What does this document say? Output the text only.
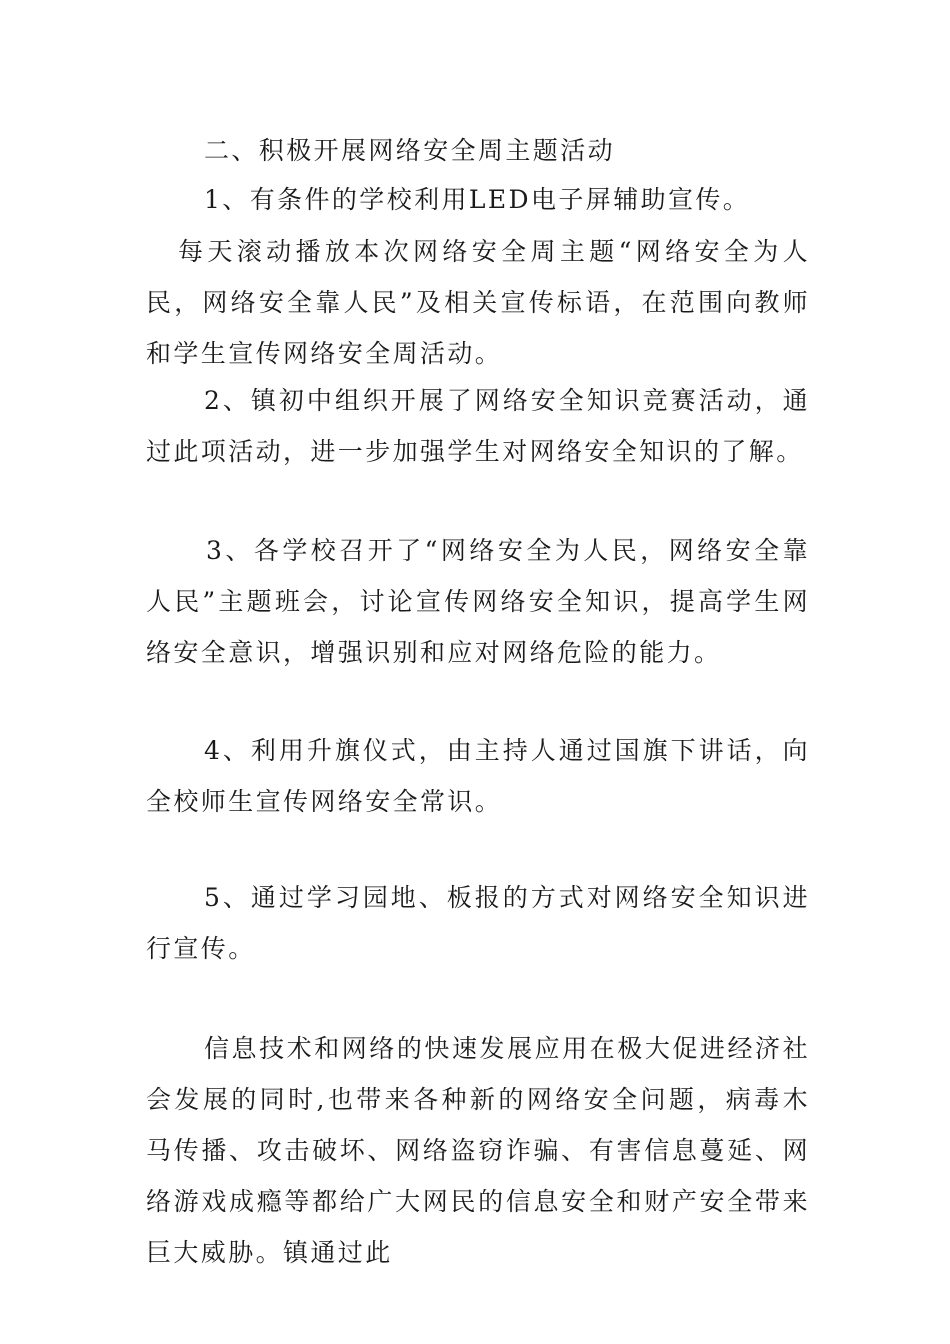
二、积极开展网络安全周主题活动

1、有条件的学校利用LED电子屏辅助宣传。

每天滚动播放本次网络安全周主题“网络安全为人民，网络安全靠人民”及相关宣传标语，在范围向教师和学生宣传网络安全周活动。

2、镇初中组织开展了网络安全知识竞赛活动，通过此项活动，进一步加强学生对网络安全知识的了解。

3、各学校召开了“网络安全为人民，网络安全靠人民”主题班会，讨论宣传网络安全知识，提高学生网络安全意识，增强识别和应对网络危险的能力。

4、利用升旗仪式，由主持人通过国旗下讲话，向全校师生宣传网络安全常识。

5、通过学习园地、板报的方式对网络安全知识进行宣传。

信息技术和网络的快速发展应用在极大促进经济社会发展的同时,也带来各种新的网络安全问题，病毒木马传播、攻击破坏、网络盗窃诈骗、有害信息蔓延、网络游戏成瘾等都给广大网民的信息安全和财产安全带来巨大威胁。镇通过此
